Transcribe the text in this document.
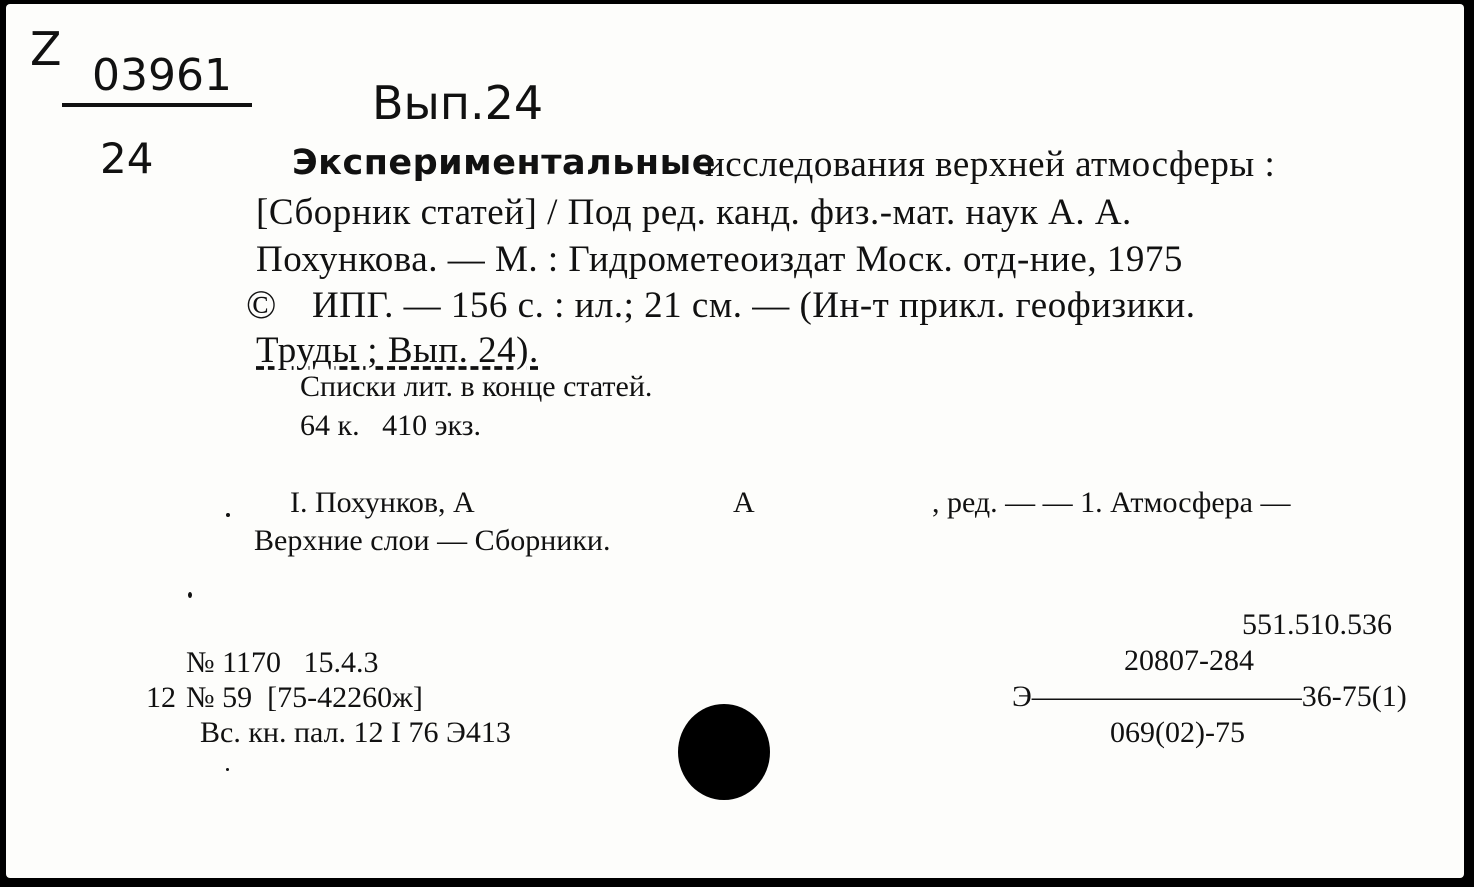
Z 03961
24
Вып.24
Экспериментальные
исследования верхней атмосферы :
[Сборник статей] / Под ред. канд. физ.-мат. наук А. А.
Похункова. — М. : Гидрометеоиздат Моск. отд-ние, 1975
© ИПГ. — 156 с. : ил.; 21 см. — (Ин-т прикл. геофизики.
Труды ; Вып. 24).
Списки лит. в конце статей.
64 к.   410 экз.
I. Похунков, А	А	, ред. — — 1. Атмосфера —
Верхние слои — Сборники.
№ 1170   15.4.3
12 № 59  [75-42260ж]
Вс. кн. пал. 12 I 76 Э413
551.510.536
20807-284
Э—————————36-75(1)
069(02)-75
